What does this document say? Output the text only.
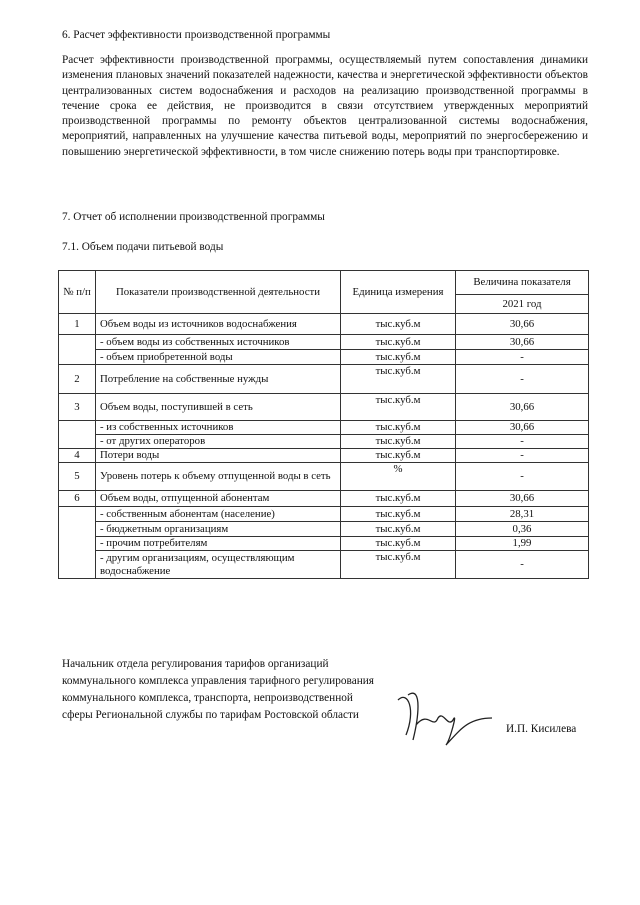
6. Расчет эффективности производственной программы
Расчет эффективности производственной программы, осуществляемый путем сопоставления динамики изменения плановых значений показателей надежности, качества и энергетической эффективности объектов централизованных систем водоснабжения и расходов на реализацию производственной программы в течение срока ее действия, не производится в связи отсутствием утвержденных мероприятий производственной программы по ремонту объектов централизованной системы водоснабжения, мероприятий, направленных на улучшение качества питьевой воды, мероприятий по энергосбережению и повышению энергетической эффективности, в том числе снижению потерь воды при транспортировке.
7. Отчет об исполнении производственной программы
7.1. Объем подачи питьевой воды
№ п/п	Показатели производственной деятельности	Единица измерения	Величина показателя
			2021 год
1	Объем воды из источников водоснабжения	тыс.куб.м	30,66
	- объем воды из собственных источников	тыс.куб.м	30,66
	- объем приобретенной воды	тыс.куб.м	-
2	Потребление на собственные нужды	тыс.куб.м	-
3	Объем воды, поступившей в сеть	тыс.куб.м	30,66
	- из собственных источников	тыс.куб.м	30,66
	- от других операторов	тыс.куб.м	-
4	Потери воды	тыс.куб.м	-
5	Уровень потерь к объему отпущенной воды в сеть	%	-
6	Объем воды, отпущенной абонентам	тыс.куб.м	30,66
	- собственным абонентам (население)	тыс.куб.м	28,31
	- бюджетным организациям	тыс.куб.м	0,36
	- прочим потребителям	тыс.куб.м	1,99
	- другим организациям, осуществляющим водоснабжение	тыс.куб.м	-
Начальник отдела регулирования тарифов организаций коммунального комплекса управления тарифного регулирования коммунального комплекса, транспорта, непроизводственной сферы Региональной службы по тарифам Ростовской области
И.П. Кисилева
